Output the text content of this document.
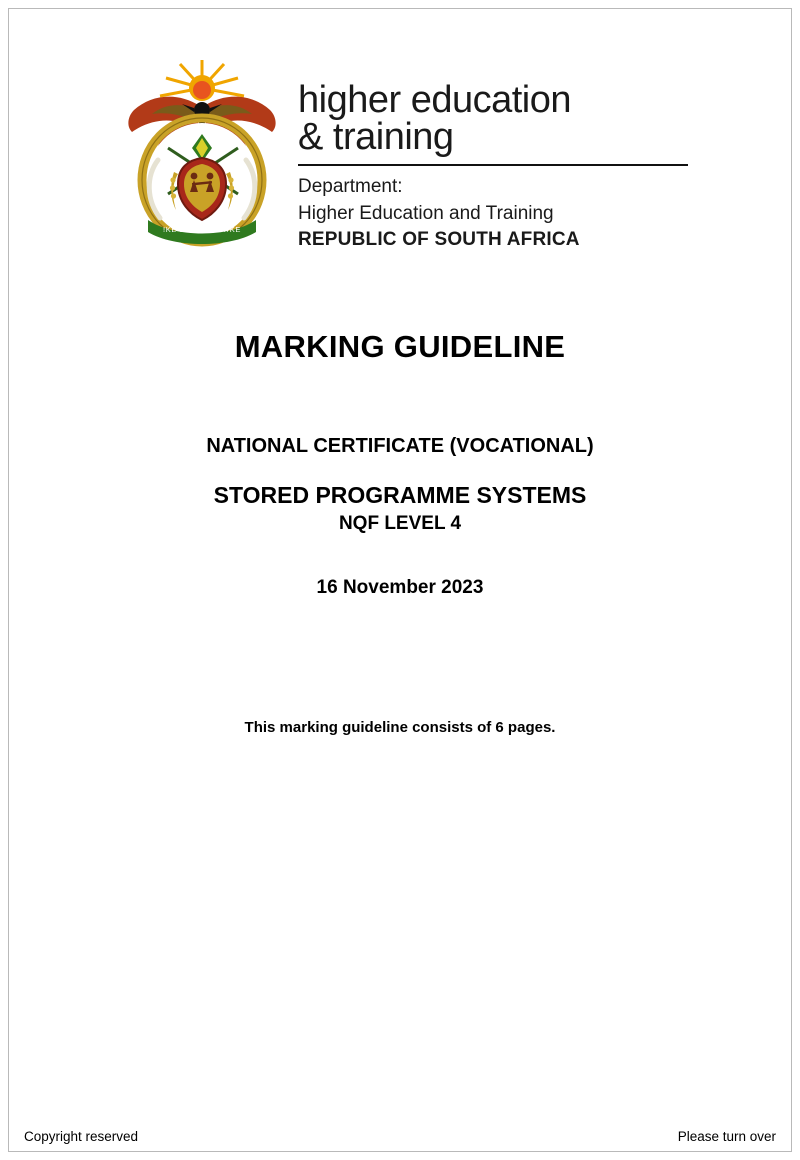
!KE E: /XARRA //KE
higher education
& training
Department:
Higher Education and Training
REPUBLIC OF SOUTH AFRICA
MARKING GUIDELINE
NATIONAL CERTIFICATE (VOCATIONAL)
STORED PROGRAMME SYSTEMS
NQF LEVEL 4
16 November 2023
This marking guideline consists of 6 pages.
Copyright reserved	Please turn over
